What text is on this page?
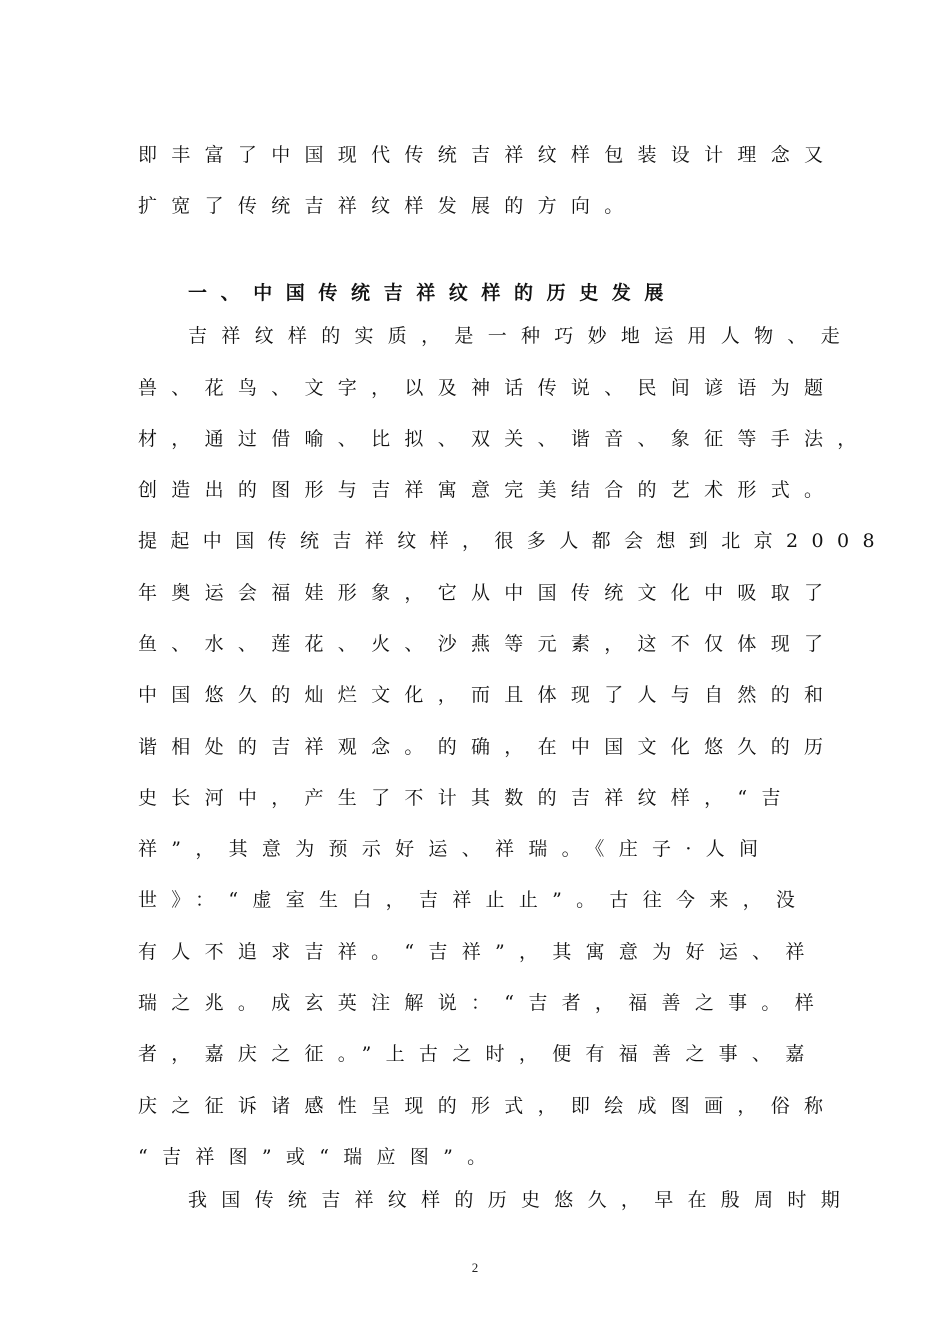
即丰富了中国现代传统吉祥纹样包装设计理念又
扩宽了传统吉祥纹样发展的方向。
一、中国传统吉祥纹样的历史发展
吉祥纹样的实质，是一种巧妙地运用人物、走
兽、花鸟、文字，以及神话传说、民间谚语为题
材，通过借喻、比拟、双关、谐音、象征等手法，
创造出的图形与吉祥寓意完美结合的艺术形式。
提起中国传统吉祥纹样，很多人都会想到北京2008
年奥运会福娃形象，它从中国传统文化中吸取了
鱼、水、莲花、火、沙燕等元素，这不仅体现了
中国悠久的灿烂文化，而且体现了人与自然的和
谐相处的吉祥观念。的确，在中国文化悠久的历
史长河中，产生了不计其数的吉祥纹样，“吉
祥”，其意为预示好运、祥瑞。《庄子·人间
世》：“虚室生白，吉祥止止”。古往今来，没
有人不追求吉祥。“吉祥”，其寓意为好运、祥
瑞之兆。成玄英注解说：“吉者，福善之事。样
者，嘉庆之征。”上古之时，便有福善之事、嘉
庆之征诉诸感性呈现的形式，即绘成图画，俗称
“吉祥图”或“瑞应图”。
我国传统吉祥纹样的历史悠久，早在殷周时期
2
